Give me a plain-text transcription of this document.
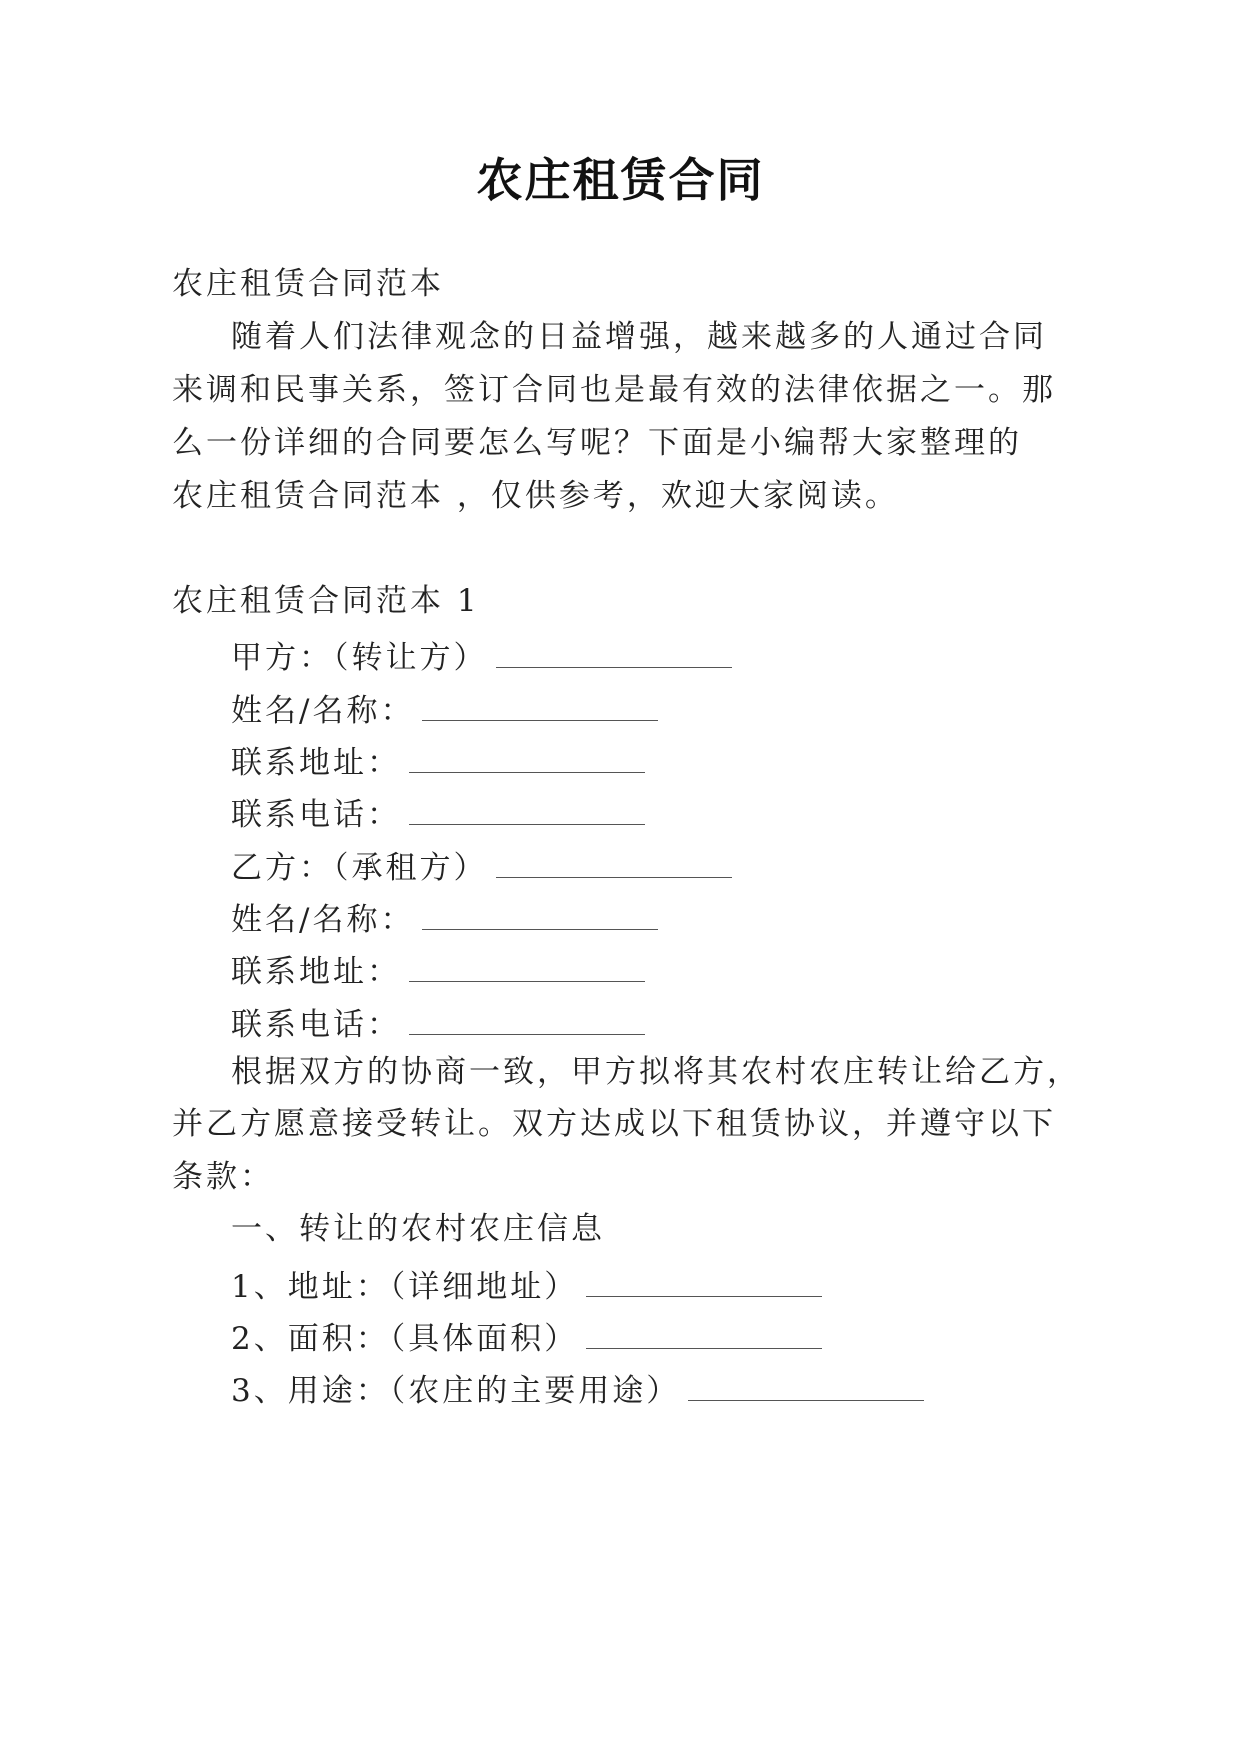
农庄租赁合同
农庄租赁合同范本
随着人们法律观念的日益增强，越来越多的人通过合同
来调和民事关系，签订合同也是最有效的法律依据之一。那
么一份详细的合同要怎么写呢？下面是小编帮大家整理的
农庄租赁合同范本 ，仅供参考，欢迎大家阅读。
农庄租赁合同范本 1
甲方：（转让方）
姓名/名称：
联系地址：
联系电话：
乙方：（承租方）
姓名/名称：
联系地址：
联系电话：
根据双方的协商一致，甲方拟将其农村农庄转让给乙方，
并乙方愿意接受转让。双方达成以下租赁协议，并遵守以下
条款：
一、转让的农村农庄信息
1、地址：（详细地址）
2、面积：（具体面积）
3、用途：（农庄的主要用途）
